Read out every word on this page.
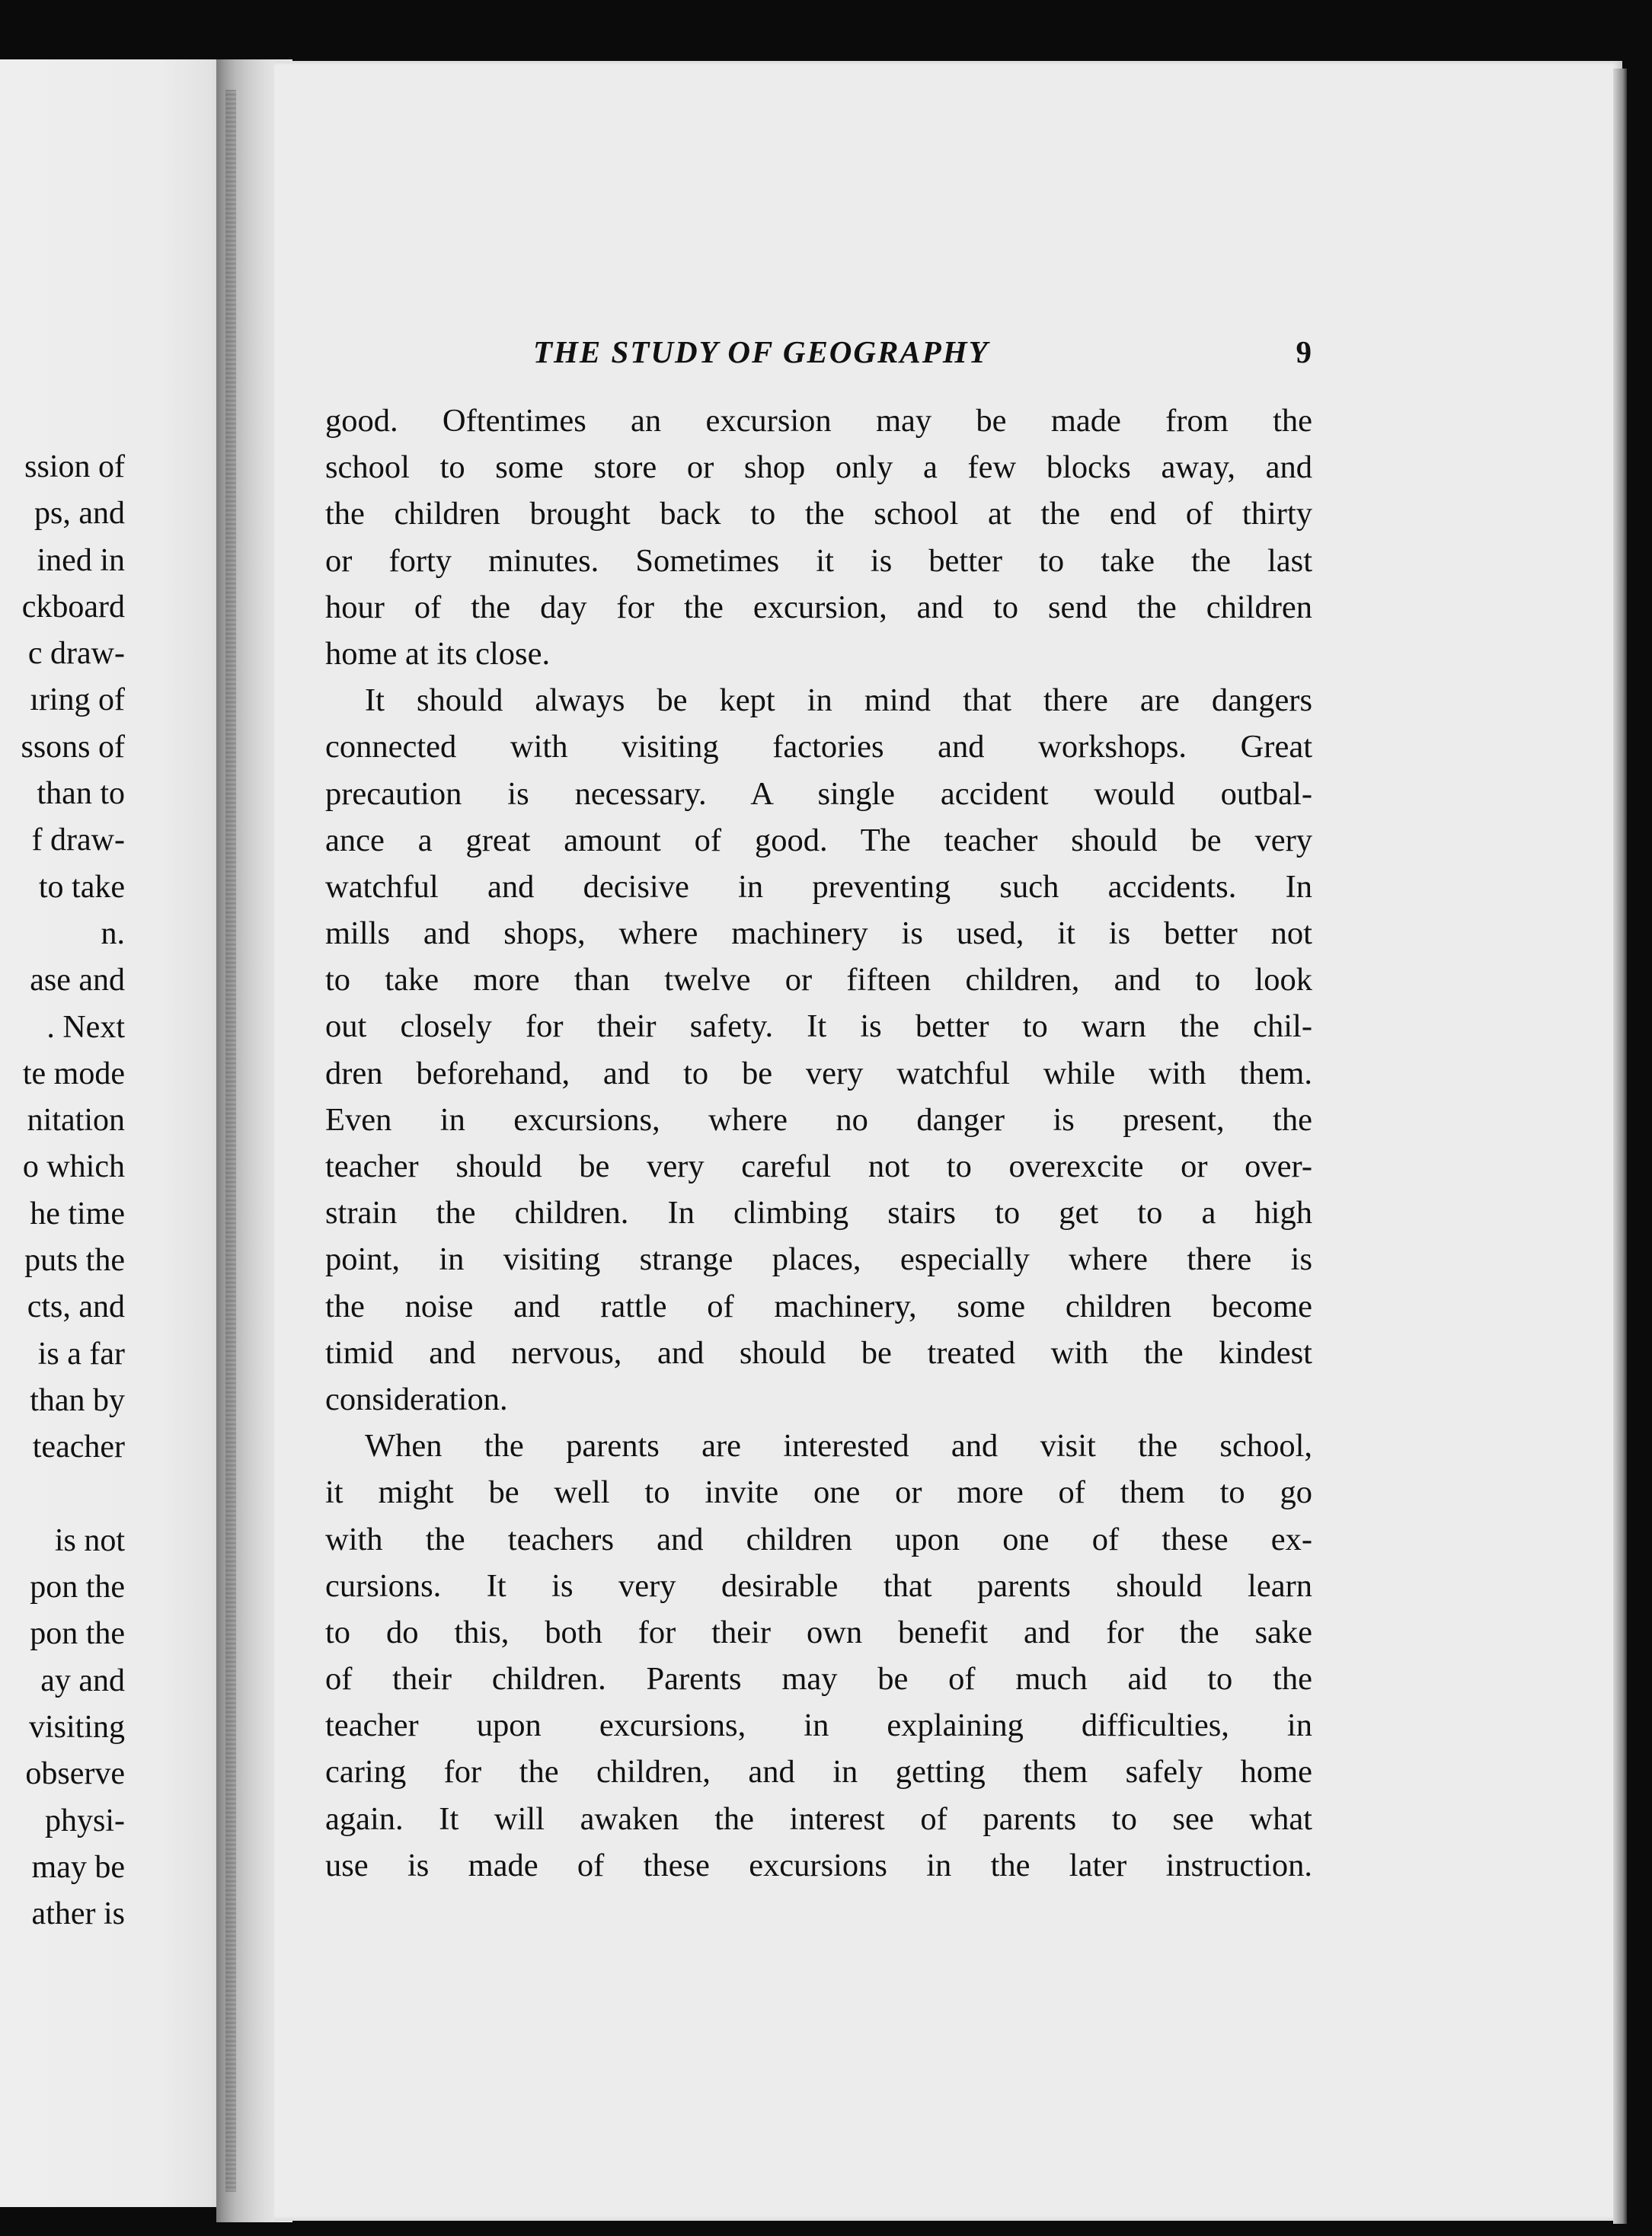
ssion of
ps, and
ined in
ckboard
c draw-
ıring of
ssons of
than to
f draw-
to take
n.
ase and
. Next
te mode
nitation
o which
he time
puts the
cts, and
is a far
than by
teacher
is not
pon the
pon the
ay and
visiting
observe
physi-
may be
ather is
THE STUDY OF GEOGRAPHY	9
good. Oftentimes an excursion may be made from the
school to some store or shop only a few blocks away, and
the children brought back to the school at the end of thirty
or forty minutes. Sometimes it is better to take the last
hour of the day for the excursion, and to send the children
home at its close.
It should always be kept in mind that there are dangers
connected with visiting factories and workshops. Great
precaution is necessary. A single accident would outbal-
ance a great amount of good. The teacher should be very
watchful and decisive in preventing such accidents. In
mills and shops, where machinery is used, it is better not
to take more than twelve or fifteen children, and to look
out closely for their safety. It is better to warn the chil-
dren beforehand, and to be very watchful while with them.
Even in excursions, where no danger is present, the
teacher should be very careful not to overexcite or over-
strain the children. In climbing stairs to get to a high
point, in visiting strange places, especially where there is
the noise and rattle of machinery, some children become
timid and nervous, and should be treated with the kindest
consideration.
When the parents are interested and visit the school,
it might be well to invite one or more of them to go
with the teachers and children upon one of these ex-
cursions. It is very desirable that parents should learn
to do this, both for their own benefit and for the sake
of their children. Parents may be of much aid to the
teacher upon excursions, in explaining difficulties, in
caring for the children, and in getting them safely home
again. It will awaken the interest of parents to see what
use is made of these excursions in the later instruction.
